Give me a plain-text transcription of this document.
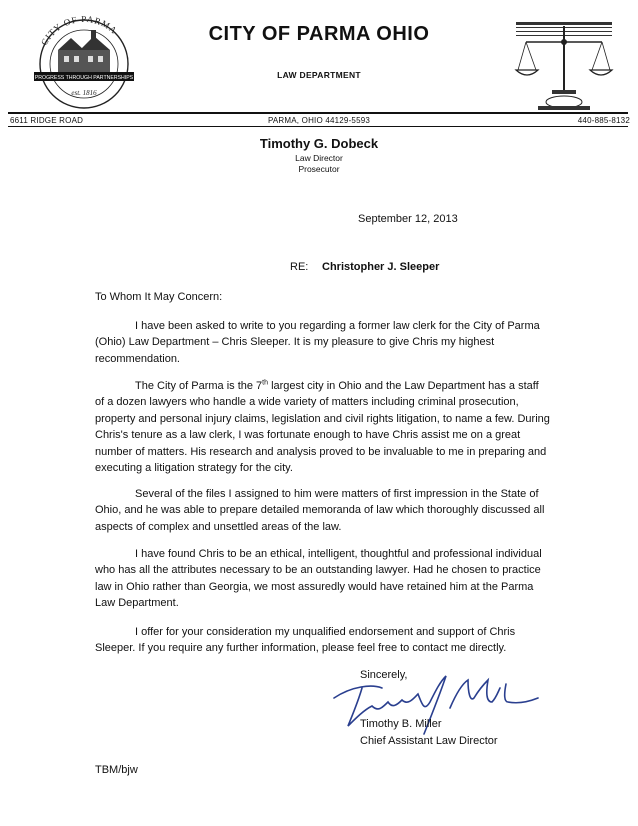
CITY OF PARMA
PROGRESS THROUGH PARTNERSHIPS
est. 1816
CITY OF PARMA OHIO
LAW DEPARTMENT
6611 RIDGE ROAD	PARMA, OHIO 44129-5593	440-885-8132
Timothy G. Dobeck
Law Director
Prosecutor
September 12, 2013
RE: Christopher J. Sleeper
To Whom It May Concern:

I have been asked to write to you regarding a former law clerk for the City of Parma (Ohio) Law Department – Chris Sleeper. It is my pleasure to give Chris my highest recommendation.

The City of Parma is the 7th largest city in Ohio and the Law Department has a staff of a dozen lawyers who handle a wide variety of matters including criminal prosecution, property and personal injury claims, legislation and civil rights litigation, to name a few. During Chris's tenure as a law clerk, I was fortunate enough to have Chris assist me on a great number of matters. His research and analysis proved to be invaluable to me in preparing and executing a litigation strategy for the city.

Several of the files I assigned to him were matters of first impression in the State of Ohio, and he was able to prepare detailed memoranda of law which thoroughly discussed all aspects of complex and unsettled areas of the law.

I have found Chris to be an ethical, intelligent, thoughtful and professional individual who has all the attributes necessary to be an outstanding lawyer. Had he chosen to practice law in Ohio rather than Georgia, we most assuredly would have retained him at the Parma Law Department.

I offer for your consideration my unqualified endorsement and support of Chris Sleeper. If you require any further information, please feel free to contact me directly.

Sincerely,
Timothy B. Miller
Chief Assistant Law Director
TBM/bjw
